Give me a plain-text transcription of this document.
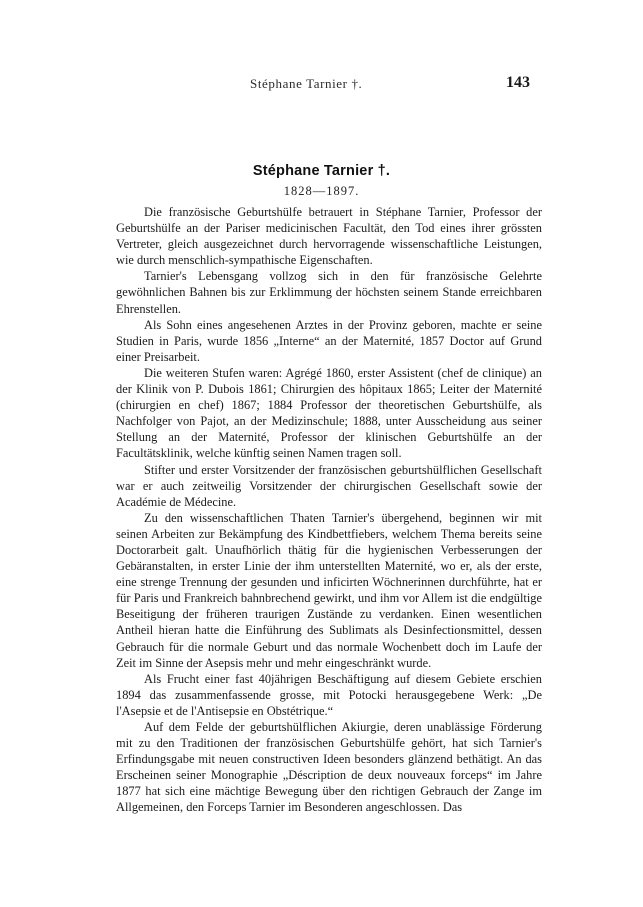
Stéphane Tarnier †.	143
Stéphane Tarnier †.
1828—1897.

Die französische Geburtshülfe betrauert in Stéphane Tarnier, Professor der Geburtshülfe an der Pariser medicinischen Facultät, den Tod eines ihrer grössten Vertreter, gleich ausgezeichnet durch hervorragende wissenschaftliche Leistungen, wie durch menschlich-sympathische Eigenschaften.

Tarnier's Lebensgang vollzog sich in den für französische Gelehrte gewöhnlichen Bahnen bis zur Erklimmung der höchsten seinem Stande erreichbaren Ehrenstellen.

Als Sohn eines angesehenen Arztes in der Provinz geboren, machte er seine Studien in Paris, wurde 1856 „Interne“ an der Maternité, 1857 Doctor auf Grund einer Preisarbeit.

Die weiteren Stufen waren: Agrégé 1860, erster Assistent (chef de clinique) an der Klinik von P. Dubois 1861; Chirurgien des hôpitaux 1865; Leiter der Maternité (chirurgien en chef) 1867; 1884 Professor der theoretischen Geburtshülfe, als Nachfolger von Pajot, an der Medizinschule; 1888, unter Ausscheidung aus seiner Stellung an der Maternité, Professor der klinischen Geburtshülfe an der Facultätsklinik, welche künftig seinen Namen tragen soll.

Stifter und erster Vorsitzender der französischen geburtshülflichen Gesellschaft war er auch zeitweilig Vorsitzender der chirurgischen Gesellschaft sowie der Académie de Médecine.

Zu den wissenschaftlichen Thaten Tarnier's übergehend, beginnen wir mit seinen Arbeiten zur Bekämpfung des Kindbettfiebers, welchem Thema bereits seine Doctorarbeit galt. Unaufhörlich thätig für die hygienischen Verbesserungen der Gebäranstalten, in erster Linie der ihm unterstellten Maternité, wo er, als der erste, eine strenge Trennung der gesunden und inficirten Wöchnerinnen durchführte, hat er für Paris und Frankreich bahnbrechend gewirkt, und ihm vor Allem ist die endgültige Beseitigung der früheren traurigen Zustände zu verdanken. Einen wesentlichen Antheil hieran hatte die Einführung des Sublimats als Desinfectionsmittel, dessen Gebrauch für die normale Geburt und das normale Wochenbett doch im Laufe der Zeit im Sinne der Asepsis mehr und mehr eingeschränkt wurde.

Als Frucht einer fast 40jährigen Beschäftigung auf diesem Gebiete erschien 1894 das zusammenfassende grosse, mit Potocki herausgegebene Werk: „De l'Asepsie et de l'Antisepsie en Obstétrique.“

Auf dem Felde der geburtshülflichen Akiurgie, deren unablässige Förderung mit zu den Traditionen der französischen Geburtshülfe gehört, hat sich Tarnier's Erfindungsgabe mit neuen constructiven Ideen besonders glänzend bethätigt. An das Erscheinen seiner Monographie „Déscription de deux nouveaux forceps“ im Jahre 1877 hat sich eine mächtige Bewegung über den richtigen Gebrauch der Zange im Allgemeinen, den Forceps Tarnier im Besonderen angeschlossen. Das
